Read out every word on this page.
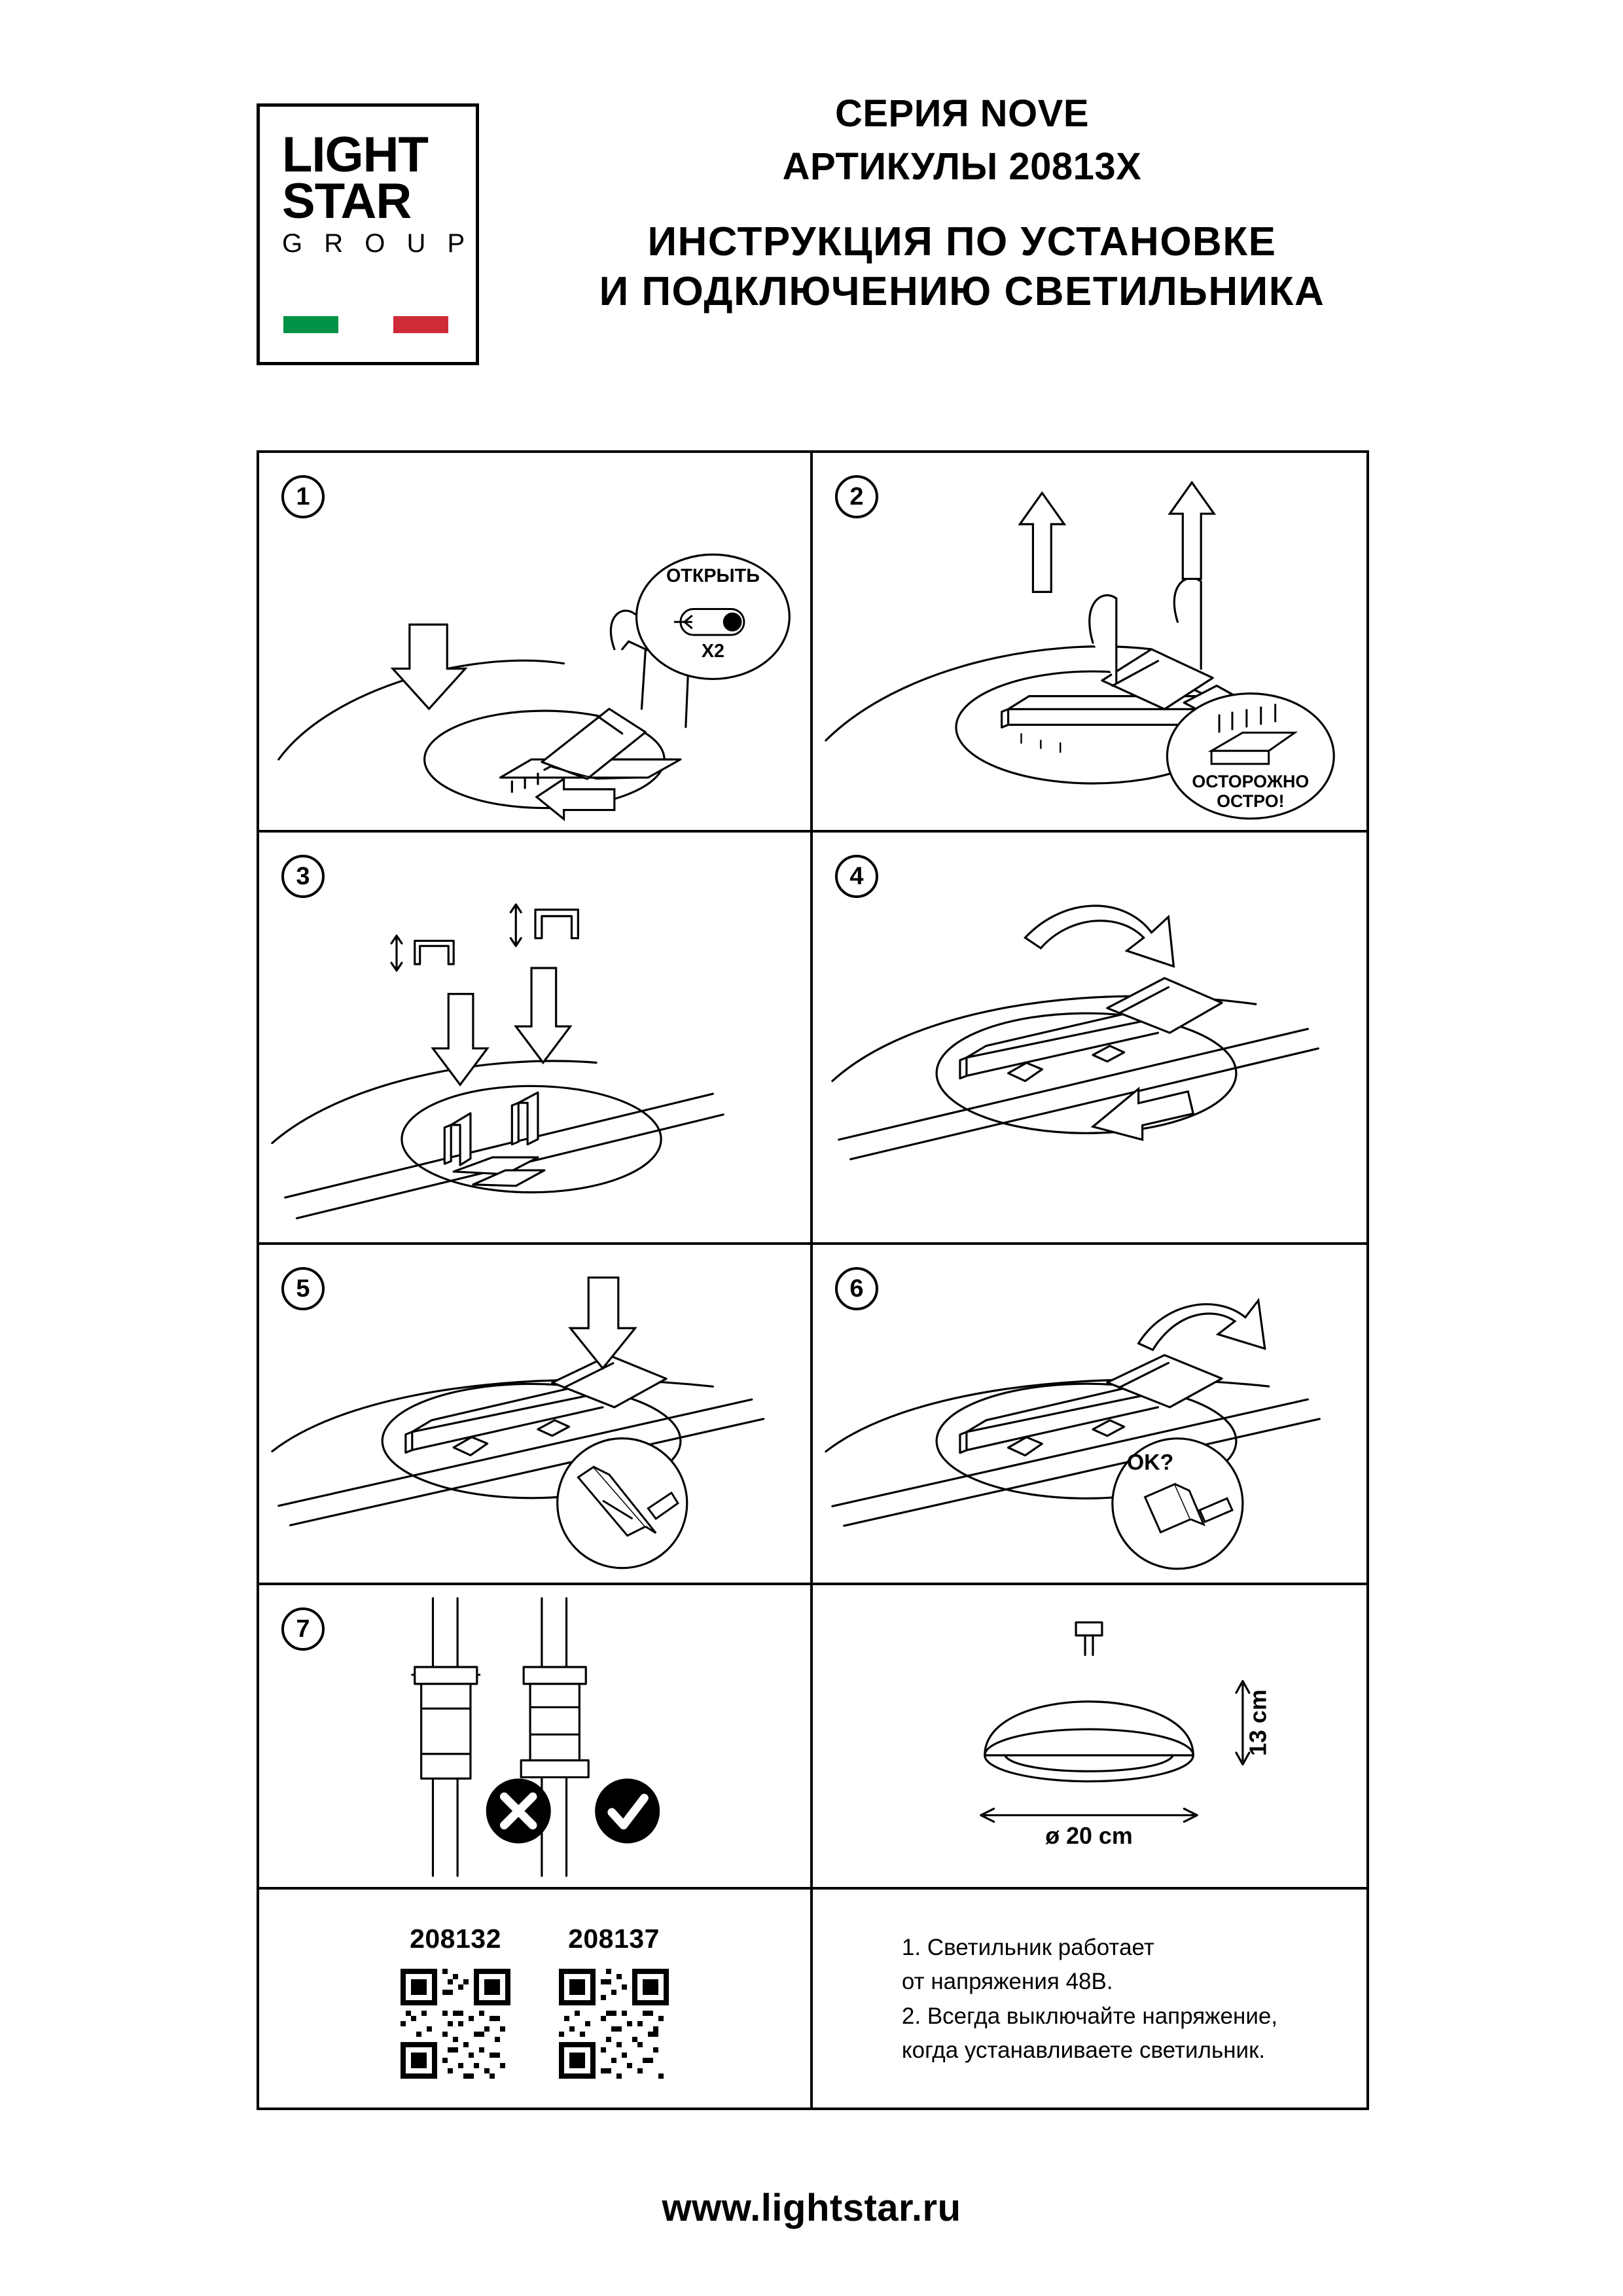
LIGHT
STAR
G R O U P
СЕРИЯ NOVE
АРТИКУЛЫ 20813Х
ИНСТРУКЦИЯ ПО УСТАНОВКЕ
И ПОДКЛЮЧЕНИЮ СВЕТИЛЬНИКА
1
ОТКРЫТЬ
X2
2
ОСТОРОЖНО
ОСТРО!
3	4
5	6
OK?
7
13 cm
ø 20 cm
208132	208137	1. Светильник работает
от напряжения 48В.
2. Всегда выключайте напряжение,
когда устанавливаете светильник.
www.lightstar.ru
